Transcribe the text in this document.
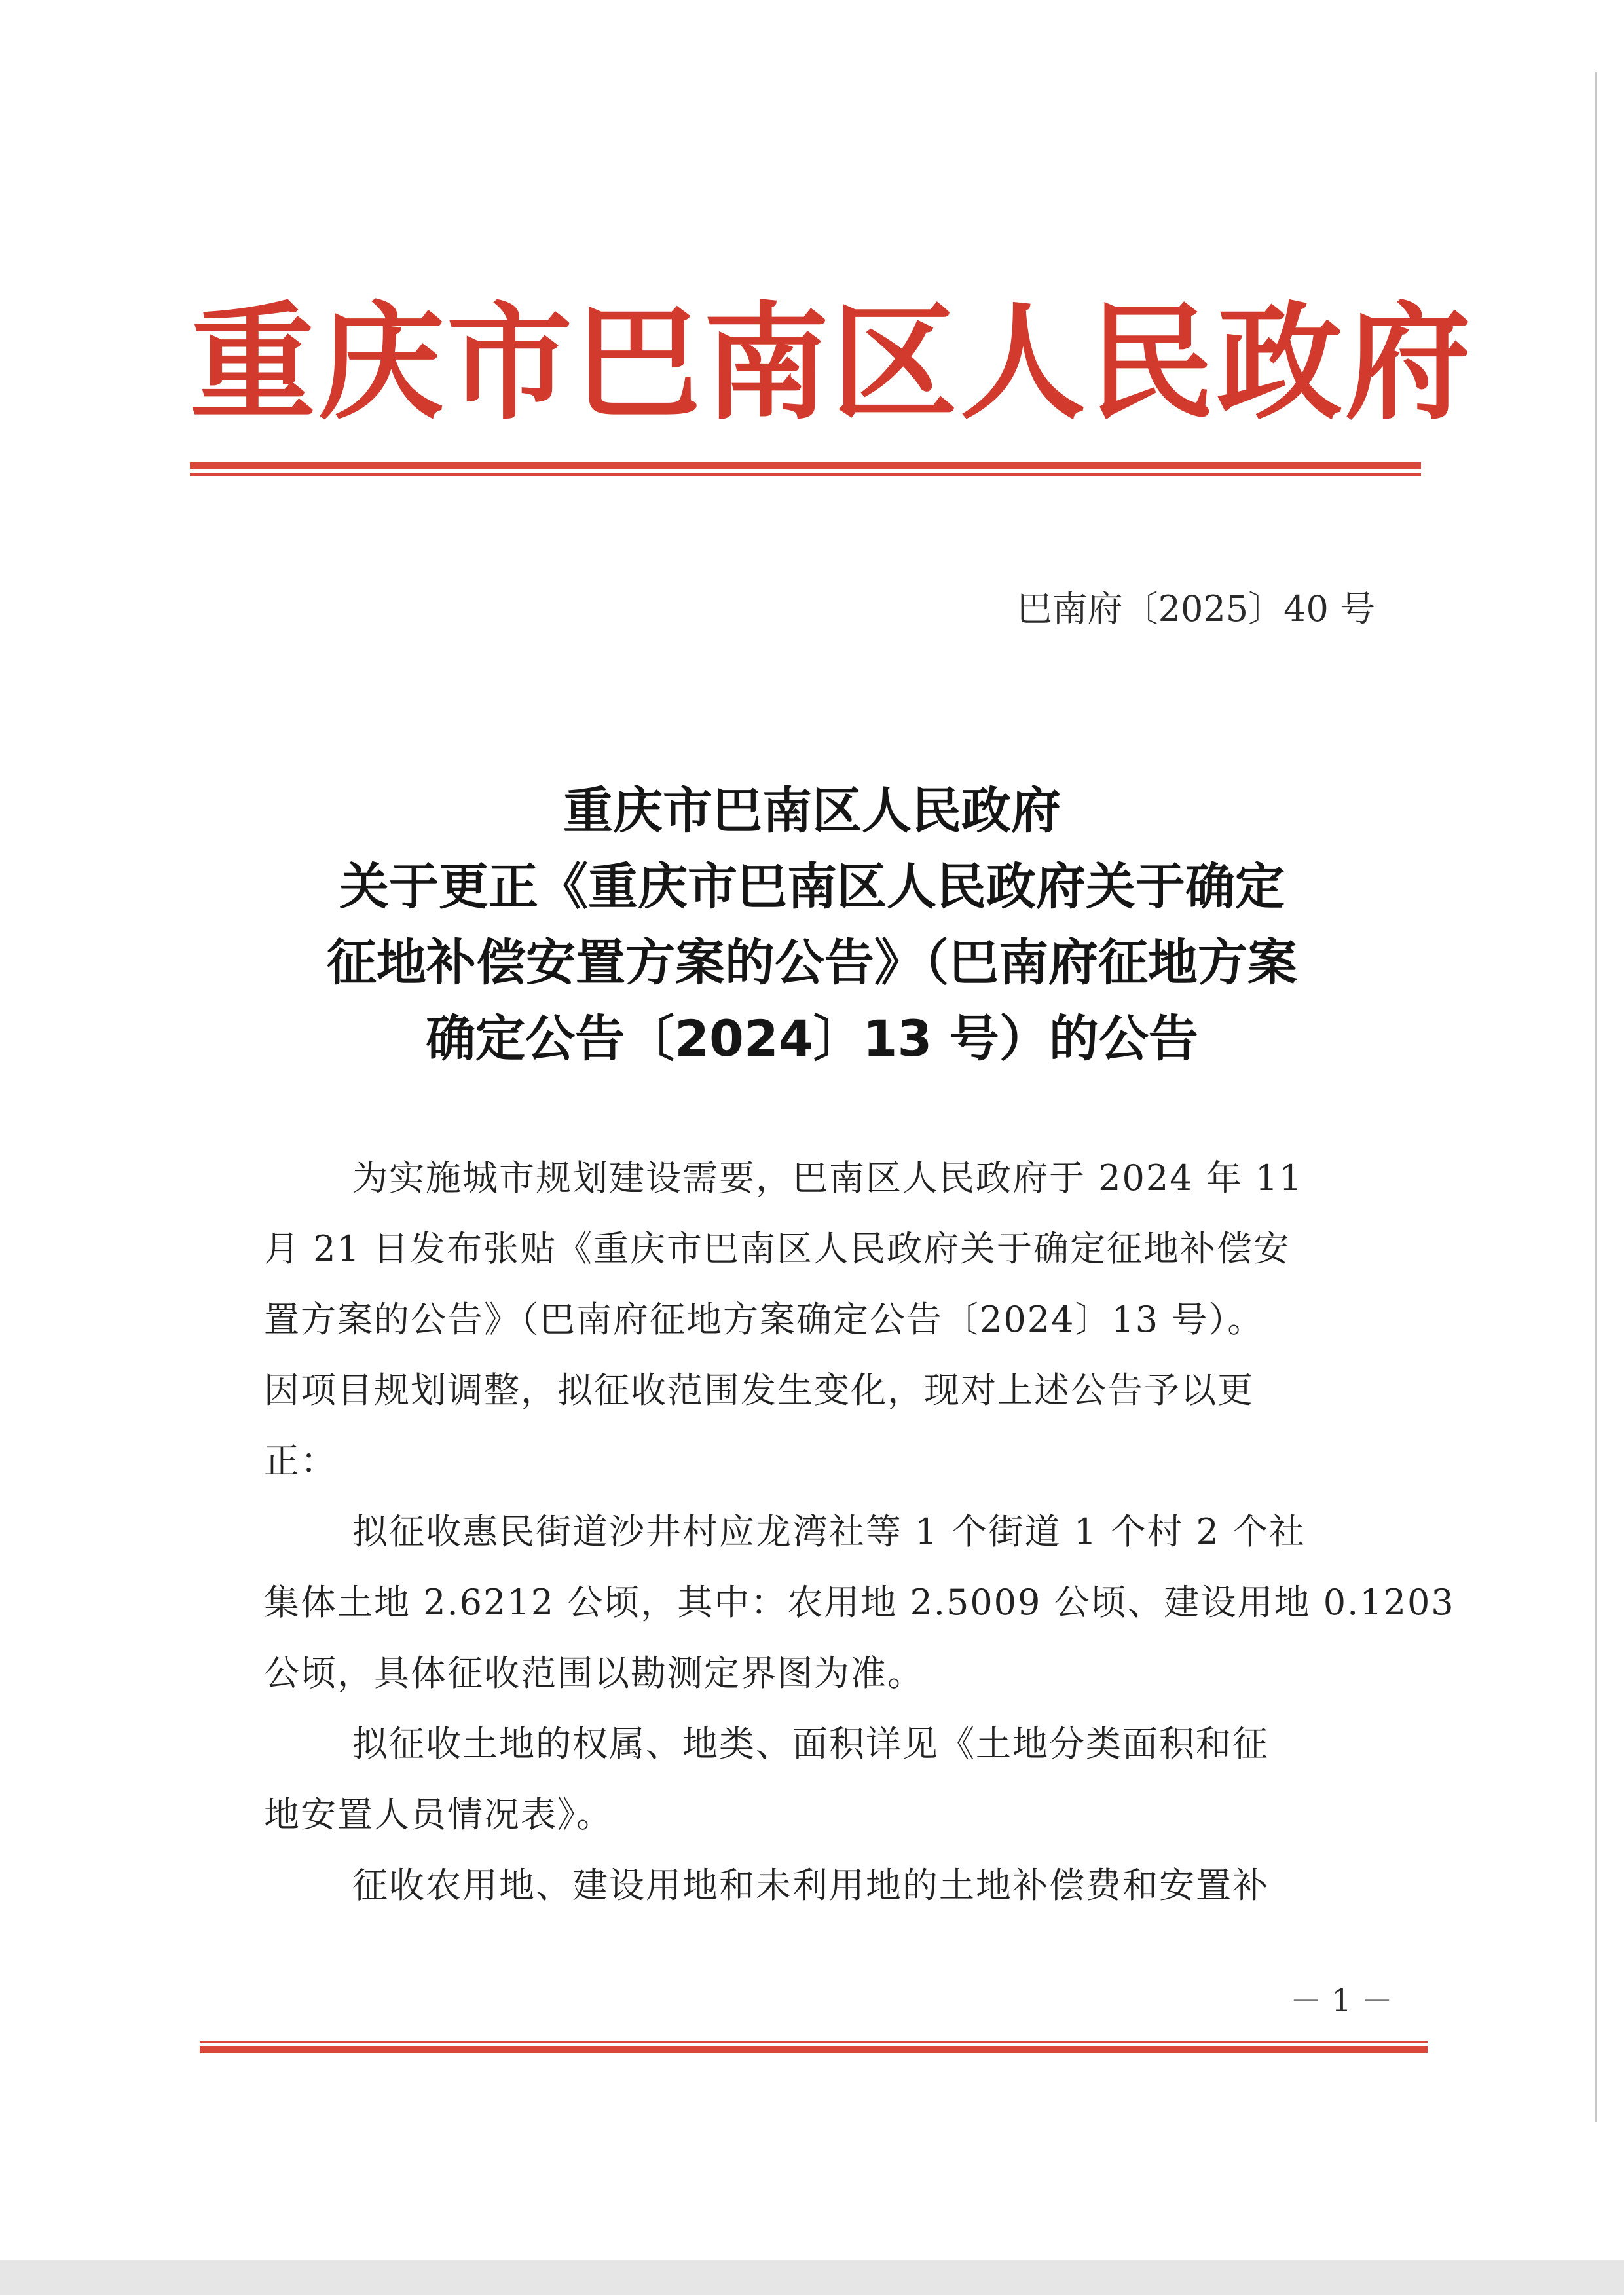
重庆市巴南区人民政府
巴南府〔2025〕40 号
重庆市巴南区人民政府
关于更正《重庆市巴南区人民政府关于确定
征地补偿安置方案的公告》（巴南府征地方案
确定公告〔2024〕13 号）的公告
为实施城市规划建设需要，巴南区人民政府于 2024 年 11
月 21 日发布张贴《重庆市巴南区人民政府关于确定征地补偿安
置方案的公告》（巴南府征地方案确定公告〔2024〕13 号）。
因项目规划调整，拟征收范围发生变化，现对上述公告予以更
正：
拟征收惠民街道沙井村应龙湾社等 1 个街道 1 个村 2 个社
集体土地 2.6212 公顷，其中：农用地 2.5009 公顷、建设用地 0.1203
公顷，具体征收范围以勘测定界图为准。
拟征收土地的权属、地类、面积详见《土地分类面积和征
地安置人员情况表》。
征收农用地、建设用地和未利用地的土地补偿费和安置补
－ 1 －
